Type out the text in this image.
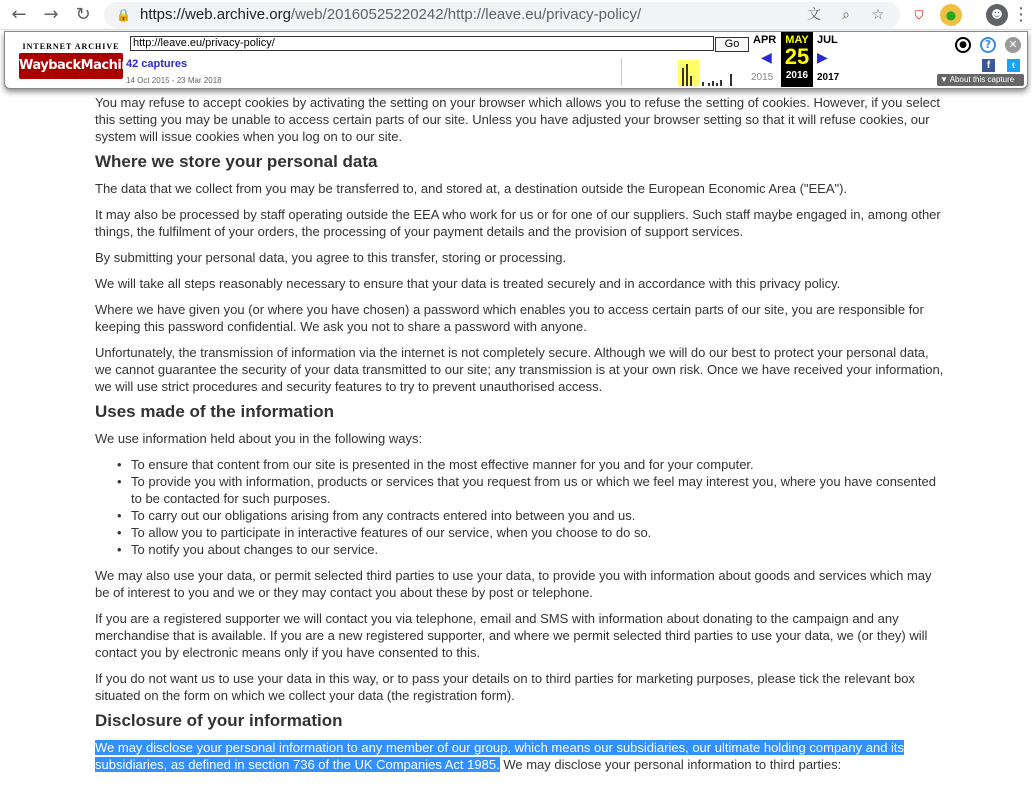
← → ↻ 🔒 https://web.archive.org/web/20160525220242/http://leave.eu/privacy-policy/	文	⌕	☆	⛉	●	☻ ⋮

You may refuse to accept cookies by activating the setting on your browser which allows you to refuse the setting of cookies. However, if you select this setting you may be unable to access certain parts of our site. Unless you have adjusted your browser setting so that it will refuse cookies, our system will issue cookies when you log on to our site.

Where we store your personal data

The data that we collect from you may be transferred to, and stored at, a destination outside the European Economic Area ("EEA").

It may also be processed by staff operating outside the EEA who work for us or for one of our suppliers. Such staff maybe engaged in, among other things, the fulfilment of your orders, the processing of your payment details and the provision of support services.

By submitting your personal data, you agree to this transfer, storing or processing.

We will take all steps reasonably necessary to ensure that your data is treated securely and in accordance with this privacy policy.

Where we have given you (or where you have chosen) a password which enables you to access certain parts of our site, you are responsible for keeping this password confidential. We ask you not to share a password with anyone.

Unfortunately, the transmission of information via the internet is not completely secure. Although we will do our best to protect your personal data, we cannot guarantee the security of your data transmitted to our site; any transmission is at your own risk. Once we have received your information, we will use strict procedures and security features to try to prevent unauthorised access.

Uses made of the information

We use information held about you in the following ways:

• To ensure that content from our site is presented in the most effective manner for you and for your computer.
• To provide you with information, products or services that you request from us or which we feel may interest you, where you have consented to be contacted for such purposes.
• To carry out our obligations arising from any contracts entered into between you and us.
• To allow you to participate in interactive features of our service, when you choose to do so.
• To notify you about changes to our service.

We may also use your data, or permit selected third parties to use your data, to provide you with information about goods and services which may be of interest to you and we or they may contact you about these by post or telephone.

If you are a registered supporter we will contact you via telephone, email and SMS with information about donating to the campaign and any merchandise that is available. If you are a new registered supporter, and where we permit selected third parties to use your data, we (or they) will contact you by electronic means only if you have consented to this.

If you do not want us to use your data in this way, or to pass your details on to third parties for marketing purposes, please tick the relevant box situated on the form on which we collect your data (the registration form).

Disclosure of your information

We may disclose your personal information to any member of our group, which means our subsidiaries, our ultimate holding company and its subsidiaries, as defined in section 736 of the UK Companies Act 1985. We may disclose your personal information to third parties:

INTERNET ARCHIVE
WaybackMachine
http://leave.eu/privacy-policy/	Go
42 captures
14 Oct 2015 - 23 Mar 2018
APR
◀
2015
MAY
25
2016
JUL
▶
2017
●	?	✕
f	t
▼ About this capture
